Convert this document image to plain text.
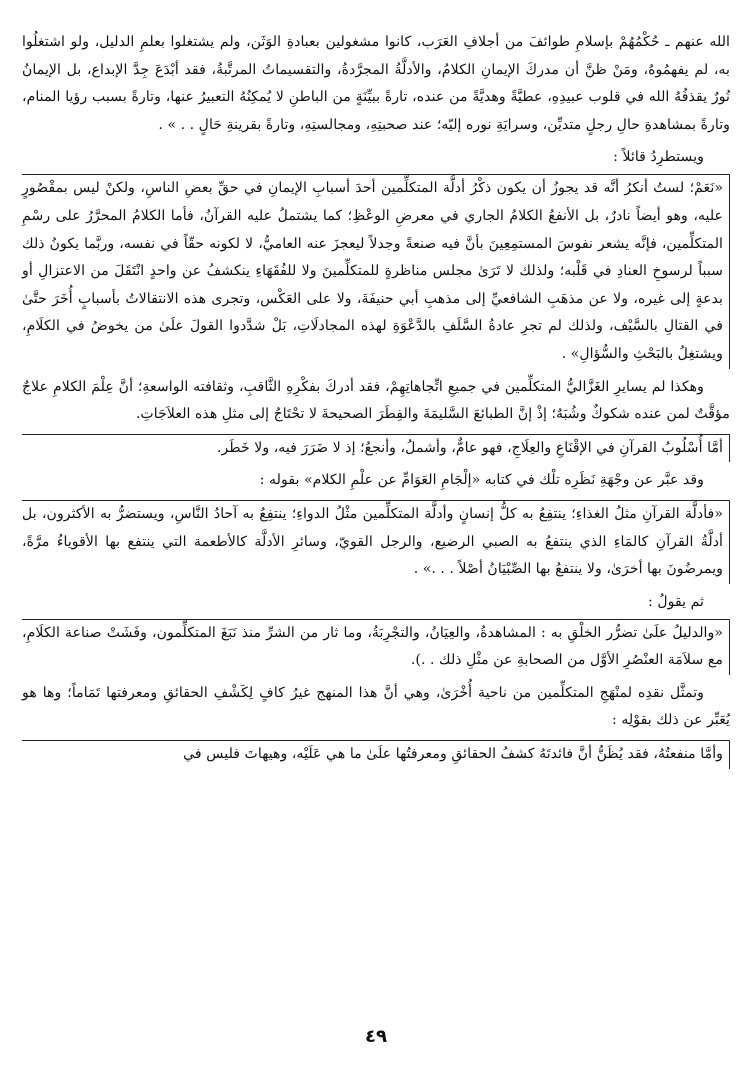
الله عنهم ـ حُكْمُهُمْ بإسلامِ طوائفَ من أجلافِ العَرَب، كانوا مشغولين بعبادةِ الوَثَن، ولم يشتغلوا بعلمِ الدليل، ولو اشتغلُوا به، لم يفهمُوهُ، ومَنْ ظنَّ أن مدركَ الإيمانِ الكلامُ، والأدلَّةُ المجرَّدةُ، والتقسيماتُ المرتَّبةُ، فقد أبْدَعَ جِدَّ الإبداع، بل الإيمانُ نُورٌ يقذفُهُ الله في قلوب عبيدِهِ، عطيَّةً وهديَّةً من عنده، تارةً ببيِّنَةٍ من الباطنِ لا يُمكِنُهُ التعبيرُ عنها، وتارةً بسبب رؤيا المنام، وتارةً بمشاهدةِ حالِ رجلٍ متديِّن، وسرايَةِ نوره إليّه؛ عند صحبتِهِ، ومجالستِهِ، وتارةً بقرينةِ حَالٍ . . » .

ويستطرِدُ قائلاً :

«نَعَمْ؛ لستُ أنكرُ أنَّه قد يجوزُ أن يكون ذكْرُ أدلَّة المتكلِّمين أحدَ أسبابِ الإيمانِ في حقِّ بعضِ الناسِ، ولكنْ ليس بمقْصُورٍ عليه، وهو أيضاً نادرٌ، بل الأنفعُ الكلامُ الجاري في معرضِ الوعْظِ؛ كما يشتملُ عليه القرآنُ، فأما الكلامُ المحرَّرُ على رسْمِ المتكلِّمين، فإنَّه يشعر نفوسَ المستمِعِينَ بأنَّ فيه صنعةً وجدلاً ليعجزَ عنه العاميُّ، لا لكونه حقّاً في نفسه، وربَّما يكونُ ذلك سبباً لرسوخِ العنادِ في قَلْبه؛ ولذلك لا تَرَىٰ مجلس مناظرةٍ للمتكلِّمينَ ولا للفُقَهَاءِ ينكشفُ عن واحدٍ انْتَقَلَ من الاعتزالِ أو بدعةٍ إلى غيره، ولا عن مذهَبِ الشافعيِّ إلى مذهبِ أبي حنيفَةَ، ولا على العَكْس، وتجرى هذه الانتقالاتُ بأسبابٍ أُخَرَ حتَّىٰ في القتالِ بالسَّيْف، ولذلك لم تجرِ عادةُ السَّلَفِ بالدَّعْوَةِ لهذه المجادلَاتِ، بَلْ شدَّدوا القولَ علَىٰ من يخوضُ في الكلَامِ، ويشتغِلُ بالبَحْثِ والسُّؤالِ» .

وهكذا لم يسايرِ الغَزَّاليُّ المتكلِّمين في جميعِ اتِّجاهاتِهِمْ، فقد أدركَ بفكْرِهِ الثَّاقبِ، وثقافته الواسعةِ؛ أنَّ عِلْمَ الكلامِ علاجٌ مؤقَّتٌ لمن عنده شكوكٌ وشُبَهٌ؛ إذْ إنَّ الطبائعَ السَّليمَةَ والفِطَرَ الصحيحةَ لا تحْتَاجُ إلى مثلِ هذه العلاَجَاتِ.

أمَّا أُسْلُوبُ القرآنِ في الإقْنَاعِ والعِلَاجِ، فهو عامٌّ، وأشملُ، وأنجعُ؛ إذ لا ضَرَرَ فيه، ولا خَطَر.

وقد عبَّر عن وجْهَةِ نَظَرِه تلْك في كتابه «إلْجَامِ العَوَامِّ عن علْمِ الكلام» بقوله :

«فأدلَّة القرآنِ مثلُ الغذاءِ؛ ينتفِعُ به كلُّ إنسانٍ وأدلَّة المتكلِّمين مثْلُ الدواءِ؛ ينتفِعُ به آحادُ النَّاسِ، ويستضرُّ به الأكثرون، بل أدلَّةُ القرآنِ كالمَاءِ الذي ينتفعُ به الصبي الرضيع، والرجل القويّ، وسائرِ الأدلَّة كالأطعمة التي ينتفع بها الأقوياءُ مرَّةً، ويمرضُونَ بها أخرَىٰ، ولا ينتفعُ بها الصِّبْيَانُ أصْلاً . . .» .

ثم يقولُ :

«والدليلُ علَىٰ تضرُّر الخلْقِ به : المشاهدةُ، والعِيَانُ، والتجْرِبَةُ، وما ثار من الشرِّ منذ نَبَغَ المتكلِّمون، وفَشَتْ صناعة الكلَامِ، مع سلاَمَة العنْصُرِ الأوَّل من الصحابةِ عن مثْلِ ذلك . .).

وتمثَّل نقدِه لمنْهَجِ المتكلِّمين من ناحية أُخْرَىٰ، وهي أنَّ هذا المنهج غيرُ كافٍ لِكَشْفِ الحقائقِ ومعرفتها تَمَاماً؛ وها هو يُعَبِّر عن ذلك بقوْلِه :

وأمَّا منفعتُهُ، فقد يُظَنُّ أنَّ فائدتَهُ كشفُ الحقائقِ ومعرفتُها علَىٰ ما هي عَلَيْه، وهيهاتَ فليس في

٤٩
